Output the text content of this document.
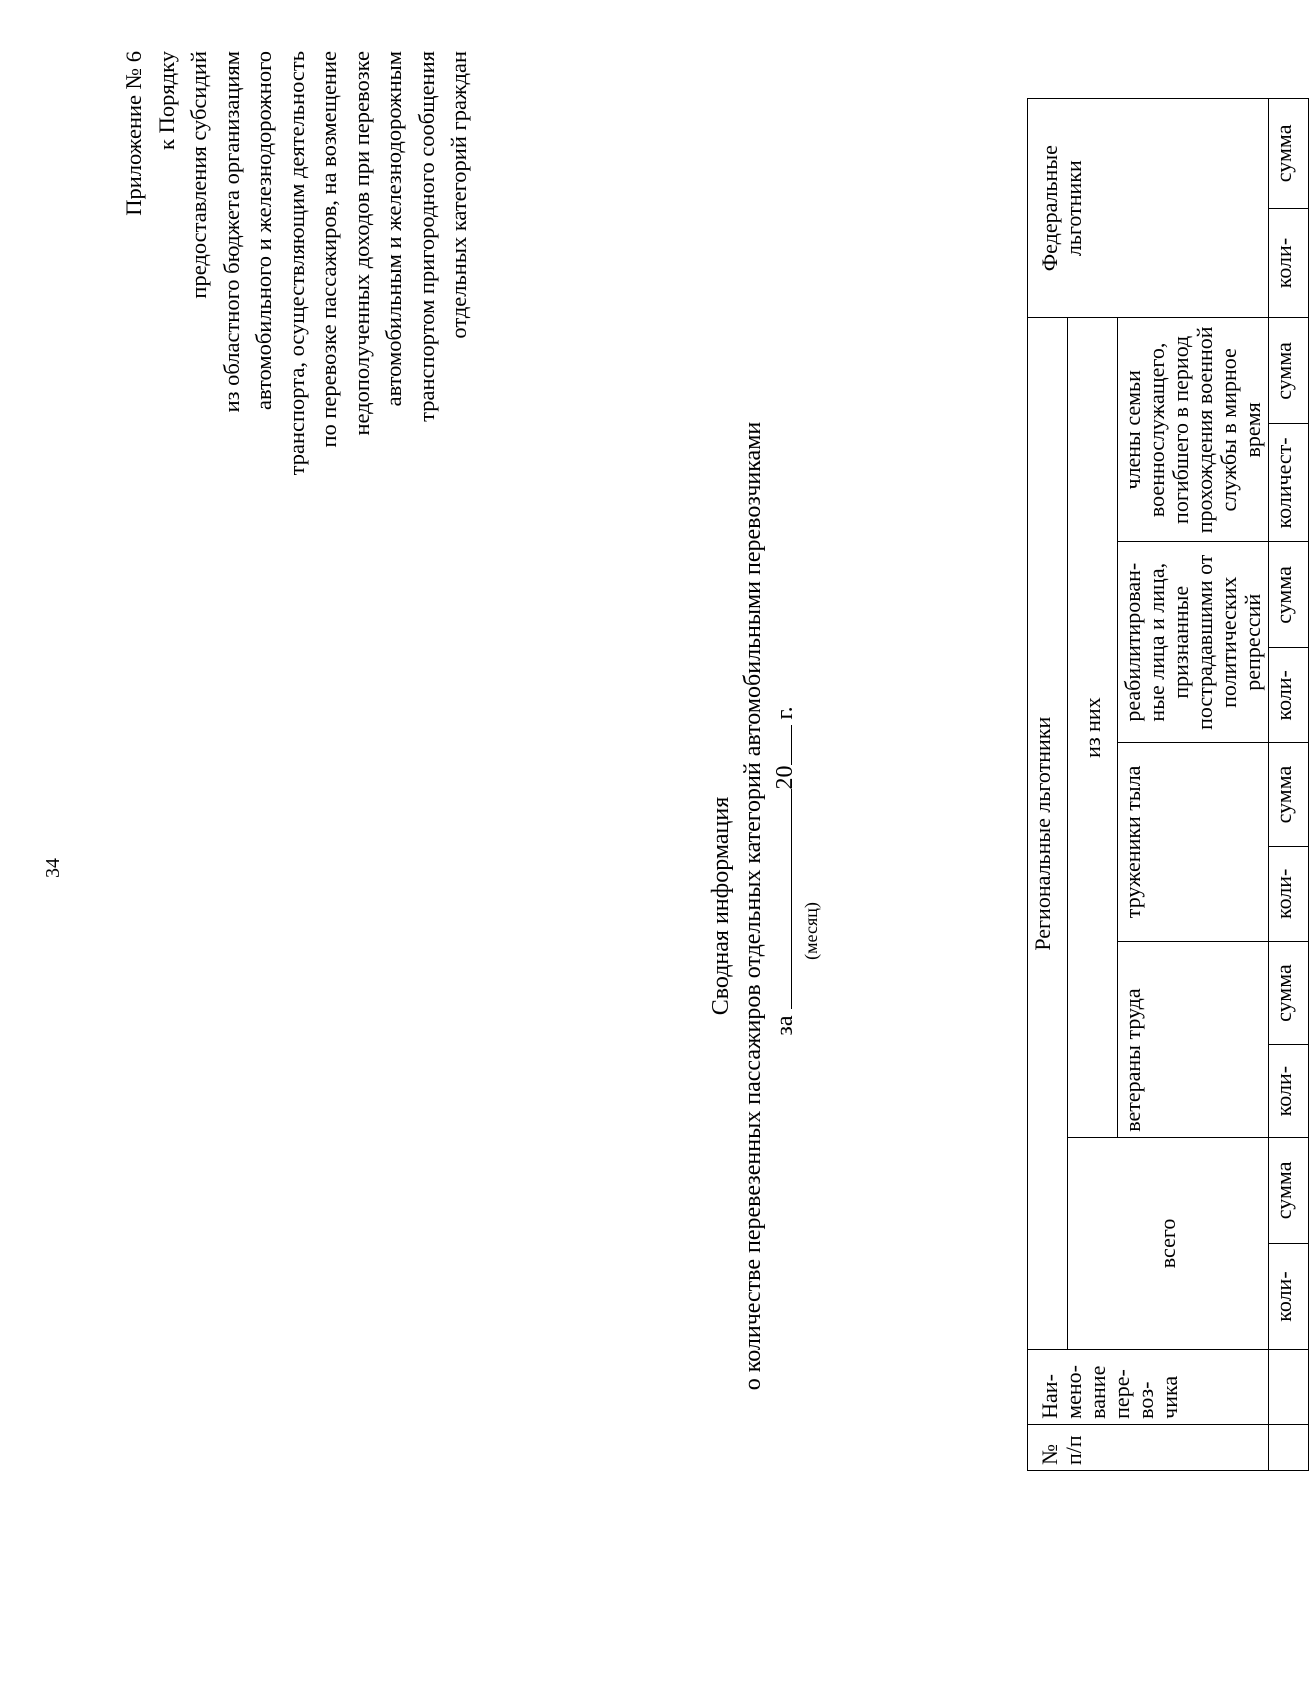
34
Приложение № 6 к Порядку предоставления субсидий из областного бюджета организациям автомобильного и железнодорожного транспорта, осуществляющим деятельность по перевозке пассажиров, на возмещение недополученных доходов при перевозке автомобильным и железнодорожным транспортом пригородного сообщения отдельных категорий граждан
Сводная информация о количестве перевезенных пассажиров отдельных категорий автомобильными перевозчиками за 20 г.
(месяц)
№ п/п	Наи-мено-вание пере-воз-чика	Региональные льготники										Федеральные льготники	
		всего		из них									
				ветераны труда		труженики тыла		реабилитирован-ные лица и лица, признанные пострадавшими от политических репрессий		члены семьи военнослужащего, погибшего в период прохождения военной службы в мирное время			

		коли-	сумма	коли-	сумма	коли-	сумма	коли-	сумма	количест-	сумма	коли-	сумма
